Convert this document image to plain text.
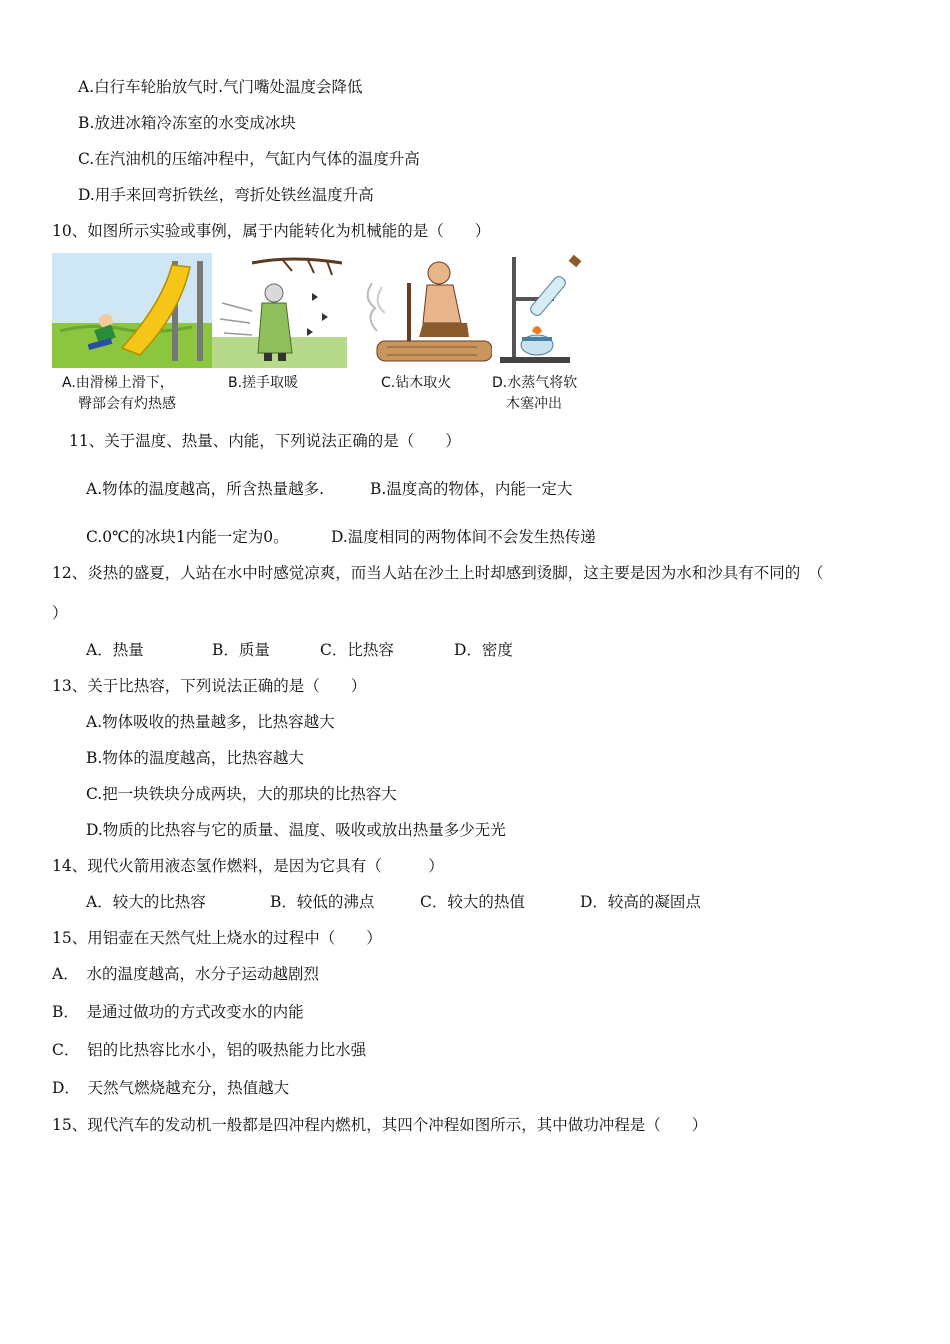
A.白行车轮胎放气时.气门嘴处温度会降低
B.放进冰箱冷冻室的水变成冰块
C.在汽油机的压缩冲程中，气缸内气体的温度升高
D.用手来回弯折铁丝，弯折处铁丝温度升高
10、如图所示实验或事例，属于内能转化为机械能的是（　　）
A.由滑梯上滑下，
臀部会有灼热感
B.搓手取暖	C.钻木取火	D.水蒸气将软
木塞冲出
11、关于温度、热量、内能，下列说法正确的是（　　）
A.物体的温度越高，所含热量越多.	B.温度高的物体，内能一定大
C.0℃的冰块1内能一定为0。	D.温度相同的两物体间不会发生热传递
12、炎热的盛夏，人站在水中时感觉凉爽，而当人站在沙土上时却感到烫脚，这主要是因为水和沙具有不同的　（
）
A．热量	B．质量	C．比热容	D．密度
13、关于比热容，下列说法正确的是（　　）
A.物体吸收的热量越多，比热容越大
B.物体的温度越高，比热容越大
C.把一块铁块分成两块，大的那块的比热容大
D.物质的比热容与它的质量、温度、吸收或放出热量多少无光
14、现代火箭用液态氢作燃料，是因为它具有（　　　）
A．较大的比热容	B．较低的沸点	C．较大的热值	D．较高的凝固点
15、用铝壶在天然气灶上烧水的过程中（　　）
A．　水的温度越高，水分子运动越剧烈
B．　是通过做功的方式改变水的内能
C．　铝的比热容比水小，铝的吸热能力比水强
D．　天然气燃烧越充分，热值越大
15、现代汽车的发动机一般都是四冲程内燃机，其四个冲程如图所示，其中做功冲程是（　　）
